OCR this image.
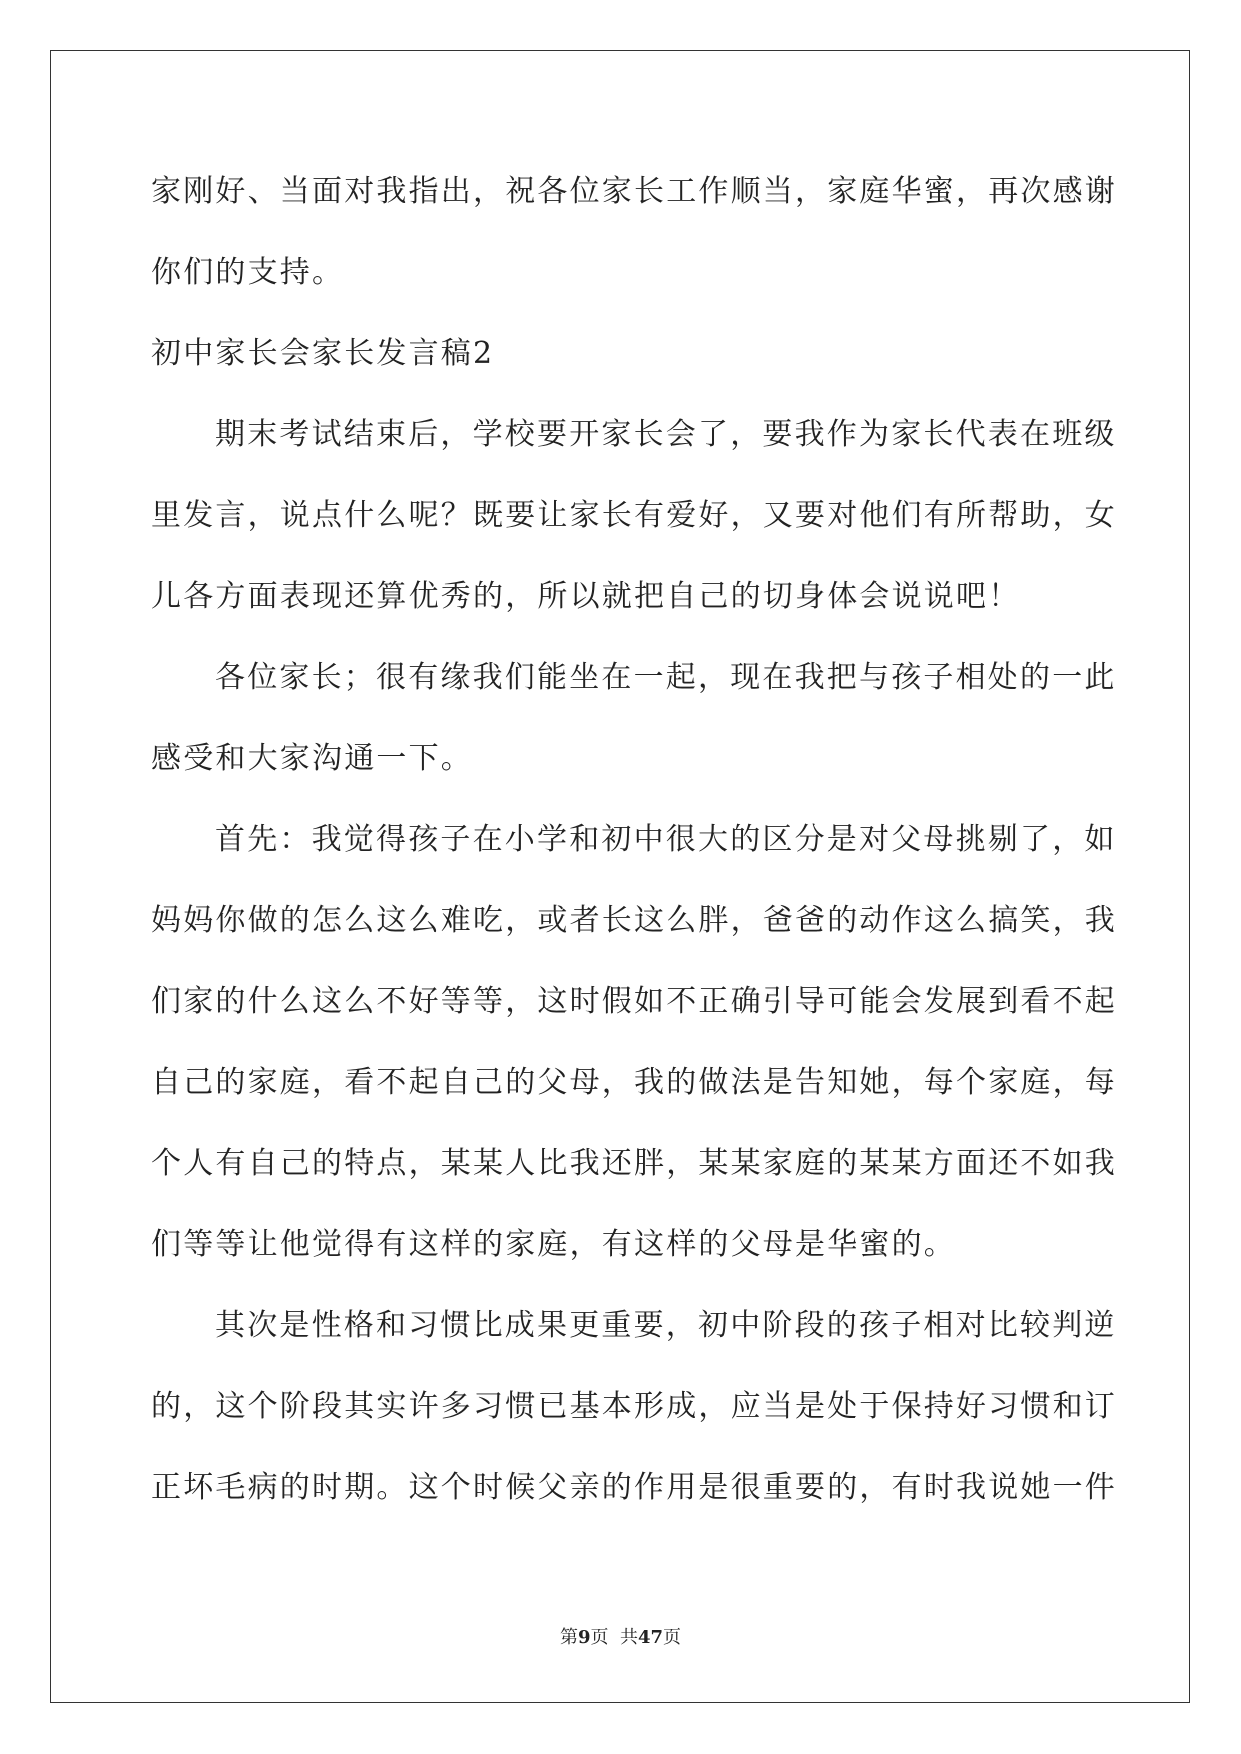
家刚好、当面对我指出，祝各位家长工作顺当，家庭华蜜，再次感谢
你们的支持。
初中家长会家长发言稿2
期末考试结束后，学校要开家长会了，要我作为家长代表在班级
里发言，说点什么呢？既要让家长有爱好，又要对他们有所帮助，女
儿各方面表现还算优秀的，所以就把自己的切身体会说说吧！
各位家长；很有缘我们能坐在一起，现在我把与孩子相处的一此
感受和大家沟通一下。
首先：我觉得孩子在小学和初中很大的区分是对父母挑剔了，如
妈妈你做的怎么这么难吃，或者长这么胖，爸爸的动作这么搞笑，我
们家的什么这么不好等等，这时假如不正确引导可能会发展到看不起
自己的家庭，看不起自己的父母，我的做法是告知她，每个家庭，每
个人有自己的特点，某某人比我还胖，某某家庭的某某方面还不如我
们等等让他觉得有这样的家庭，有这样的父母是华蜜的。
其次是性格和习惯比成果更重要，初中阶段的孩子相对比较判逆
的，这个阶段其实许多习惯已基本形成，应当是处于保持好习惯和订
正坏毛病的时期。这个时候父亲的作用是很重要的，有时我说她一件
第9页  共47页
